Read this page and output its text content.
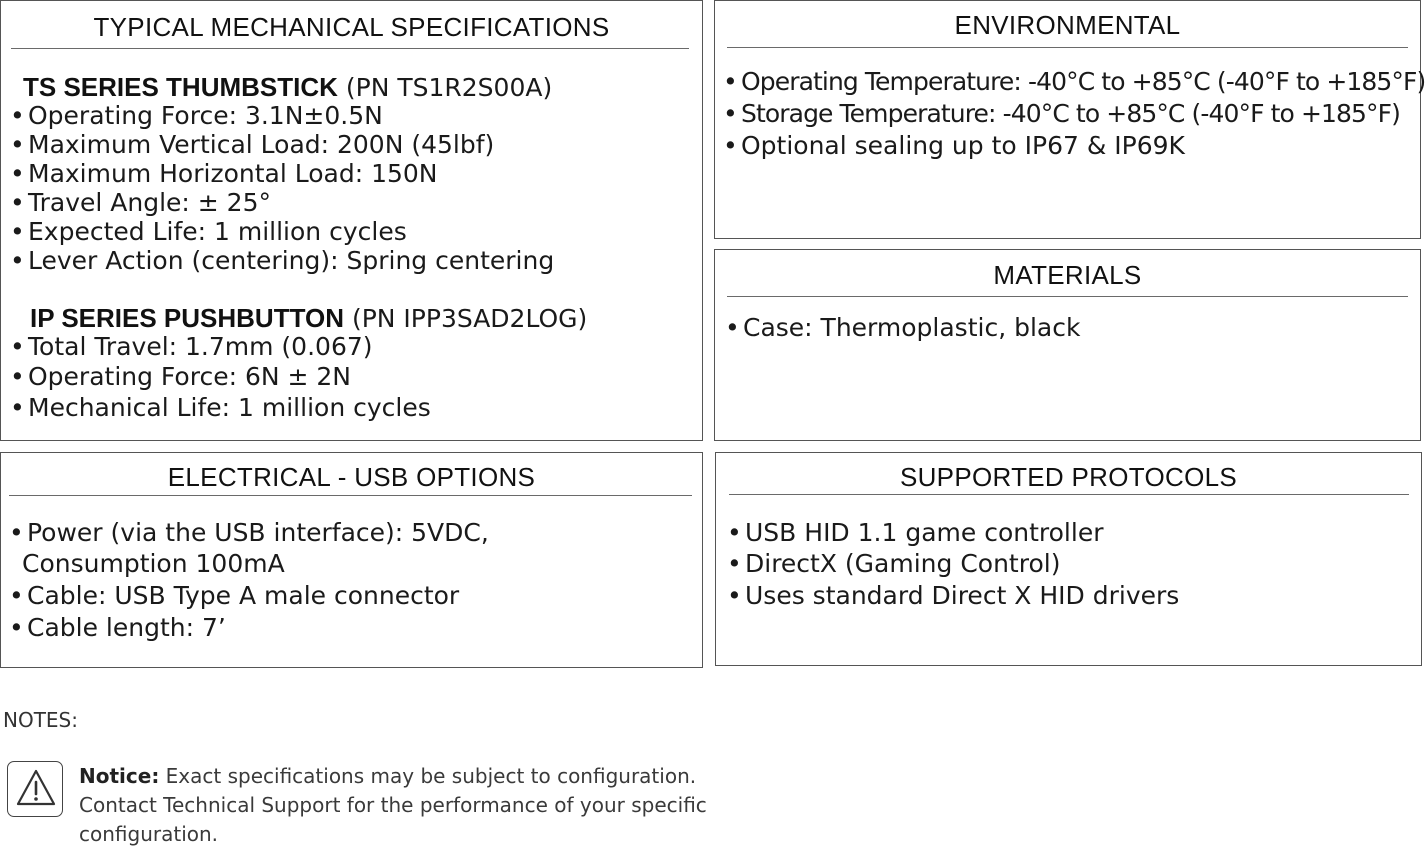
TYPICAL MECHANICAL SPECIFICATIONS
TS SERIES THUMBSTICK (PN TS1R2S00A)
• Operating Force: 3.1N±0.5N
• Maximum Vertical Load: 200N (45lbf)
• Maximum Horizontal Load: 150N
• Travel Angle: ± 25°
• Expected Life: 1 million cycles
• Lever Action (centering): Spring centering
IP SERIES PUSHBUTTON (PN IPP3SAD2LOG)
• Total Travel: 1.7mm (0.067)
• Operating Force: 6N ± 2N
• Mechanical Life: 1 million cycles
ENVIRONMENTAL
• Operating Temperature: -40°C to +85°C (-40°F to +185°F)
• Storage Temperature: -40°C to +85°C (-40°F to +185°F)
• Optional sealing up to IP67 & IP69K
MATERIALS
• Case: Thermoplastic, black
ELECTRICAL - USB OPTIONS
• Power (via the USB interface): 5VDC,
Consumption 100mA
• Cable: USB Type A male connector
• Cable length: 7’
SUPPORTED PROTOCOLS
• USB HID 1.1 game controller
• DirectX (Gaming Control)
• Uses standard Direct X HID drivers
NOTES:
Notice: Exact specifications may be subject to configuration. Contact Technical Support for the performance of your specific configuration.
